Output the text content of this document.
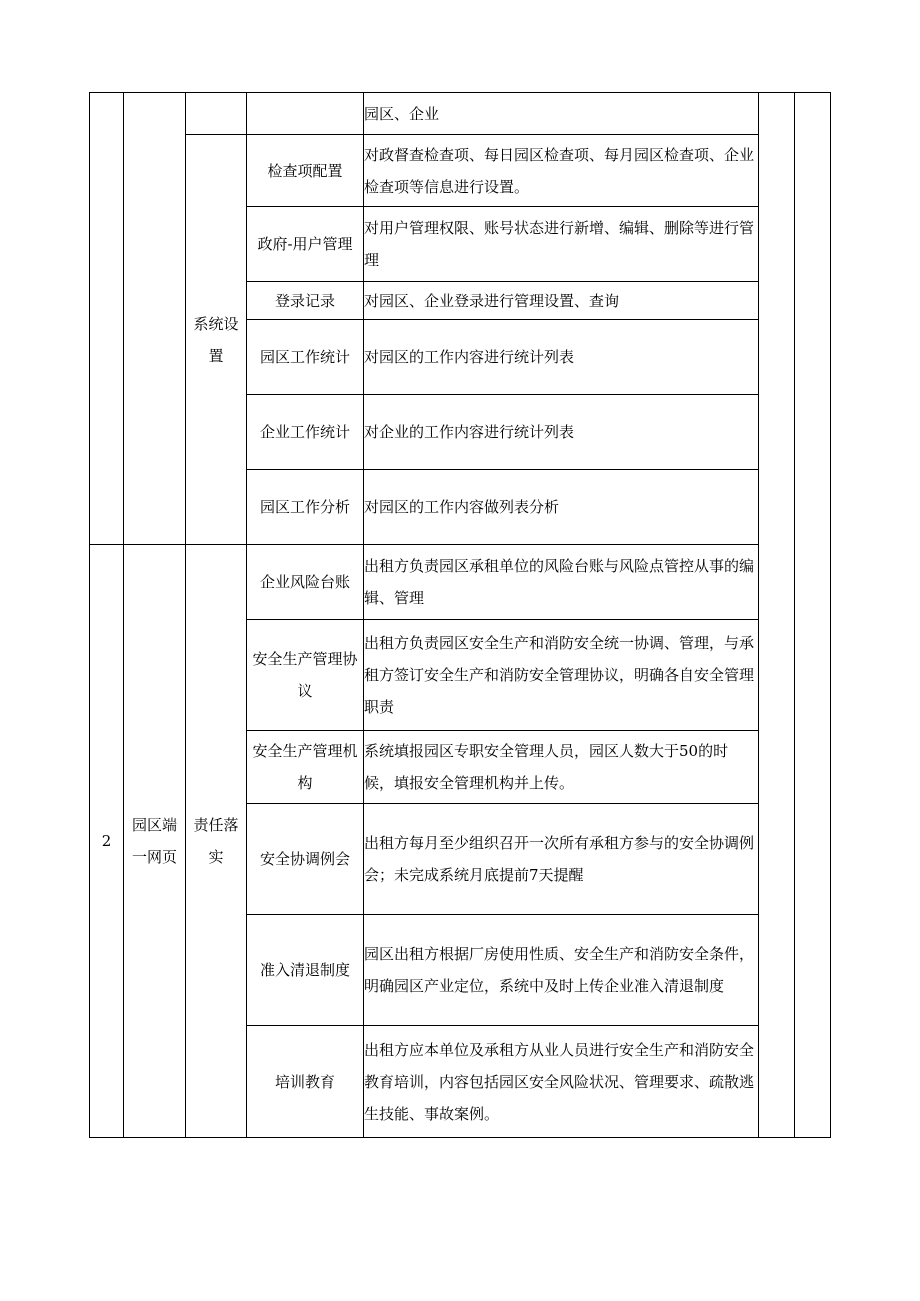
				园区、企业		
		系统设置	检查项配置	对政督查检查项、每日园区检查项、每月园区检查项、企业检查项等信息进行设置。		
			政府-用户管理	对用户管理权限、账号状态进行新增、编辑、删除等进行管理		
			登录记录	对园区、企业登录进行管理设置、查询		
			园区工作统计	对园区的工作内容进行统计列表		
			企业工作统计	对企业的工作内容进行统计列表		
			园区工作分析	对园区的工作内容做列表分析		
2	园区端一网页	责任落实	企业风险台账	出租方负责园区承租单位的风险台账与风险点管控从事的编辑、管理		
			安全生产管理协议	出租方负责园区安全生产和消防安全统一协调、管理，与承租方签订安全生产和消防安全管理协议，明确各自安全管理职责		
			安全生产管理机构	系统填报园区专职安全管理人员，园区人数大于50的时候，填报安全管理机构并上传。		
			安全协调例会	出租方每月至少组织召开一次所有承租方参与的安全协调例会；未完成系统月底提前7天提醒		
			准入清退制度	园区出租方根据厂房使用性质、安全生产和消防安全条件，明确园区产业定位，系统中及时上传企业准入清退制度		
			培训教育	出租方应本单位及承租方从业人员进行安全生产和消防安全教育培训，内容包括园区安全风险状况、管理要求、疏散逃生技能、事故案例。		
